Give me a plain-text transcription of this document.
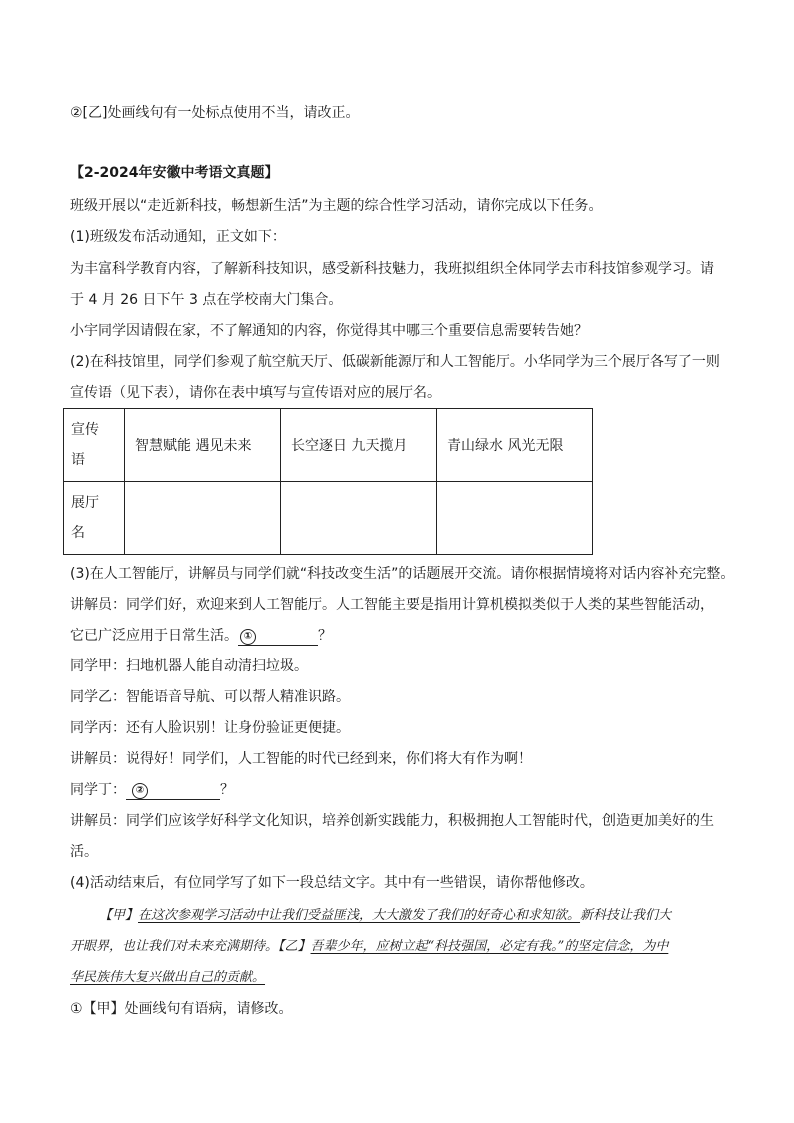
②[乙]处画线句有一处标点使用不当，请改正。
【2-2024年安徽中考语文真题】
班级开展以“走近新科技，畅想新生活”为主题的综合性学习活动，请你完成以下任务。
(1)班级发布活动通知，正文如下：
为丰富科学教育内容，了解新科技知识，感受新科技魅力，我班拟组织全体同学去市科技馆参观学习。请
于 4 月 26 日下午 3 点在学校南大门集合。
小宇同学因请假在家，不了解通知的内容，你觉得其中哪三个重要信息需要转告她？
(2)在科技馆里，同学们参观了航空航天厅、低碳新能源厅和人工智能厅。小华同学为三个展厅各写了一则
宣传语（见下表），请你在表中填写与宣传语对应的展厅名。
宣传
语	智慧赋能 遇见未来	长空逐日 九天揽月	青山绿水 风光无限

展厅
名			
(3)在人工智能厅，讲解员与同学们就“科技改变生活”的话题展开交流。请你根据情境将对话内容补充完整。
讲解员：同学们好，欢迎来到人工智能厅。人工智能主要是指用计算机模拟类似于人类的某些智能活动，
它已广泛应用于日常生活。 ①	？
同学甲：扫地机器人能自动清扫垃圾。
同学乙：智能语音导航、可以帮人精准识路。
同学丙：还有人脸识别！让身份验证更便捷。
讲解员：说得好！同学们，人工智能的时代已经到来，你们将大有作为啊！
同学丁： ②	？
讲解员：同学们应该学好科学文化知识，培养创新实践能力，积极拥抱人工智能时代，创造更加美好的生
活。
(4)活动结束后，有位同学写了如下一段总结文字。其中有一些错误，请你帮他修改。
【甲】在这次参观学习活动中让我们受益匪浅，大大激发了我们的好奇心和求知欲。新科技让我们大
开眼界，也让我们对未来充满期待。【乙】吾辈少年，应树立起“科技强国，必定有我。”的坚定信念，为中
华民族伟大复兴做出自己的贡献。
①【甲】处画线句有语病，请修改。
